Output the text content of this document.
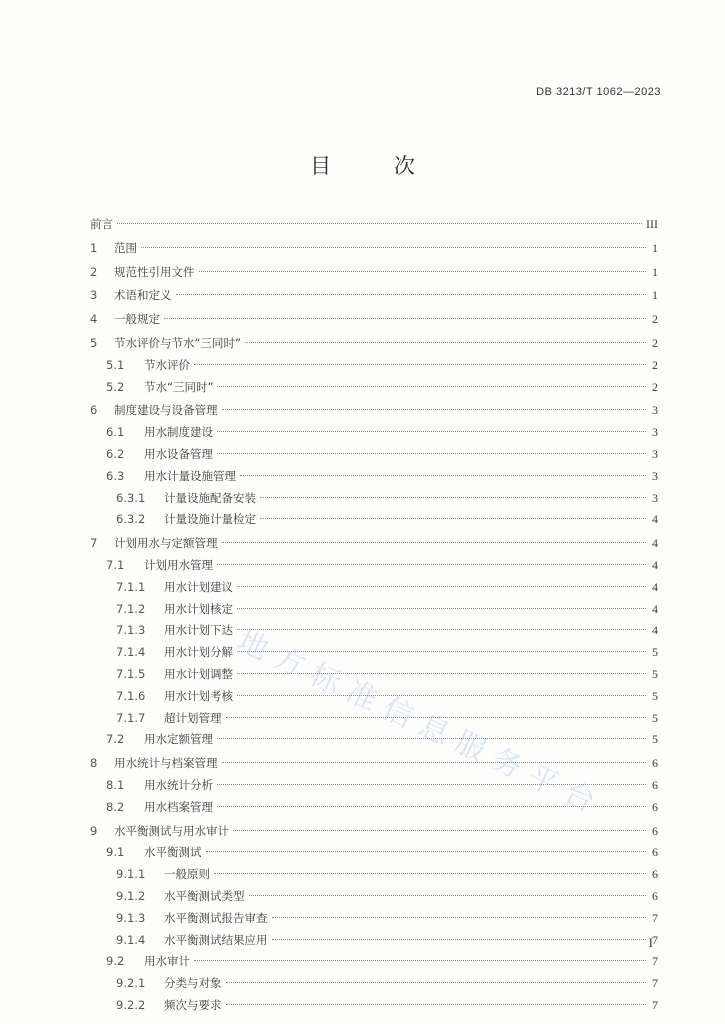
DB 3213/T 1062—2023
目 次
前言	III
1	范围	1
2	规范性引用文件	1
3	术语和定义	1
4	一般规定	2
5	节水评价与节水“三同时”	2
5.1	节水评价	2
5.2	节水“三同时”	2
6	制度建设与设备管理	3
6.1	用水制度建设	3
6.2	用水设备管理	3
6.3	用水计量设施管理	3
6.3.1	计量设施配备安装	3
6.3.2	计量设施计量检定	4
7	计划用水与定额管理	4
7.1	计划用水管理	4
7.1.1	用水计划建议	4
7.1.2	用水计划核定	4
7.1.3	用水计划下达	4
7.1.4	用水计划分解	5
7.1.5	用水计划调整	5
7.1.6	用水计划考核	5
7.1.7	超计划管理	5
7.2	用水定额管理	5
8	用水统计与档案管理	6
8.1	用水统计分析	6
8.2	用水档案管理	6
9	水平衡测试与用水审计	6
9.1	水平衡测试	6
9.1.1	一般原则	6
9.1.2	水平衡测试类型	6
9.1.3	水平衡测试报告审查	7
9.1.4	水平衡测试结果应用	7
9.2	用水审计	7
9.2.1	分类与对象	7
9.2.2	频次与要求	7
I
地方标准信息服务平台
